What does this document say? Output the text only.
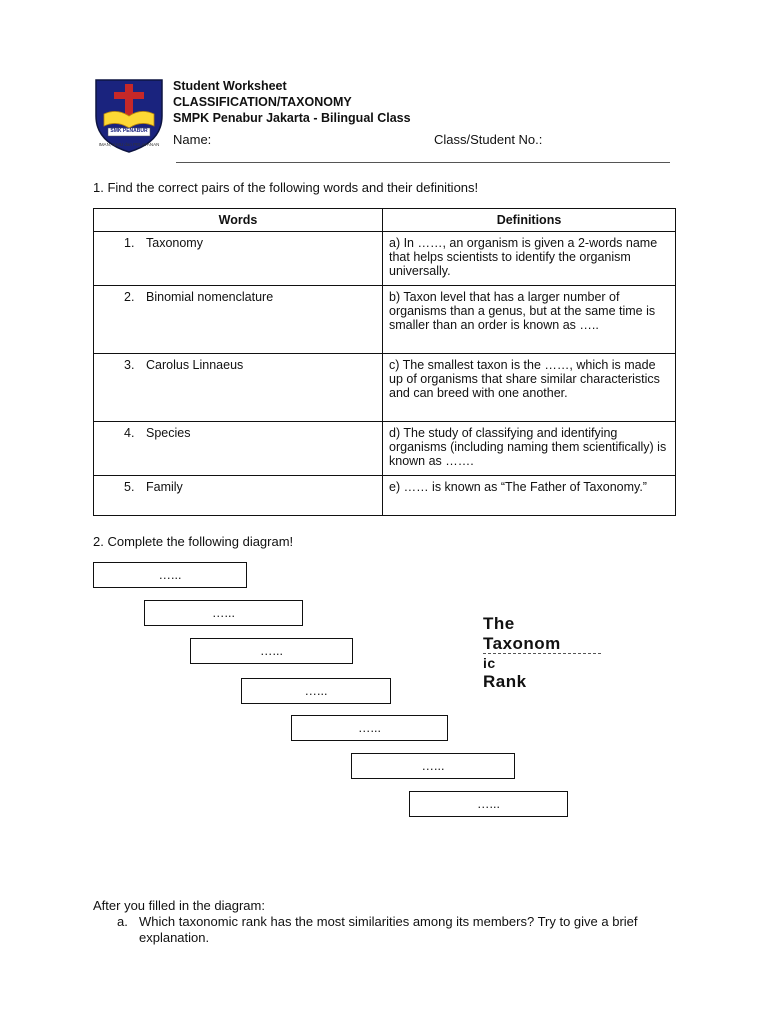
SMK PENABUR
IMAN, ILMU dan PELAYANAN
Student Worksheet
CLASSIFICATION/TAXONOMY
SMPK Penabur Jakarta - Bilingual Class
Name:	Class/Student No.:
1. Find the correct pairs of the following words and their definitions!
Words	Definitions
1. Taxonomy	a) In ……, an organism is given a 2-words name that helps scientists to identify the organism universally.
2. Binomial nomenclature	b) Taxon level that has a larger number of organisms than a genus, but at the same time is smaller than an order is known as …..
3. Carolus Linnaeus	c) The smallest taxon is the ……, which is made up of organisms that share similar characteristics and can breed with one another.
4. Species	d) The study of classifying and identifying organisms (including naming them scientifically) is known as …….
5. Family	e) …… is known as “The Father of Taxonomy.”
2. Complete the following diagram!
…...
…...
…...
…...
…...
…...
…...
The
Taxonom
ic
Rank
After you filled in the diagram:
a. Which taxonomic rank has the most similarities among its members? Try to give a brief explanation.
